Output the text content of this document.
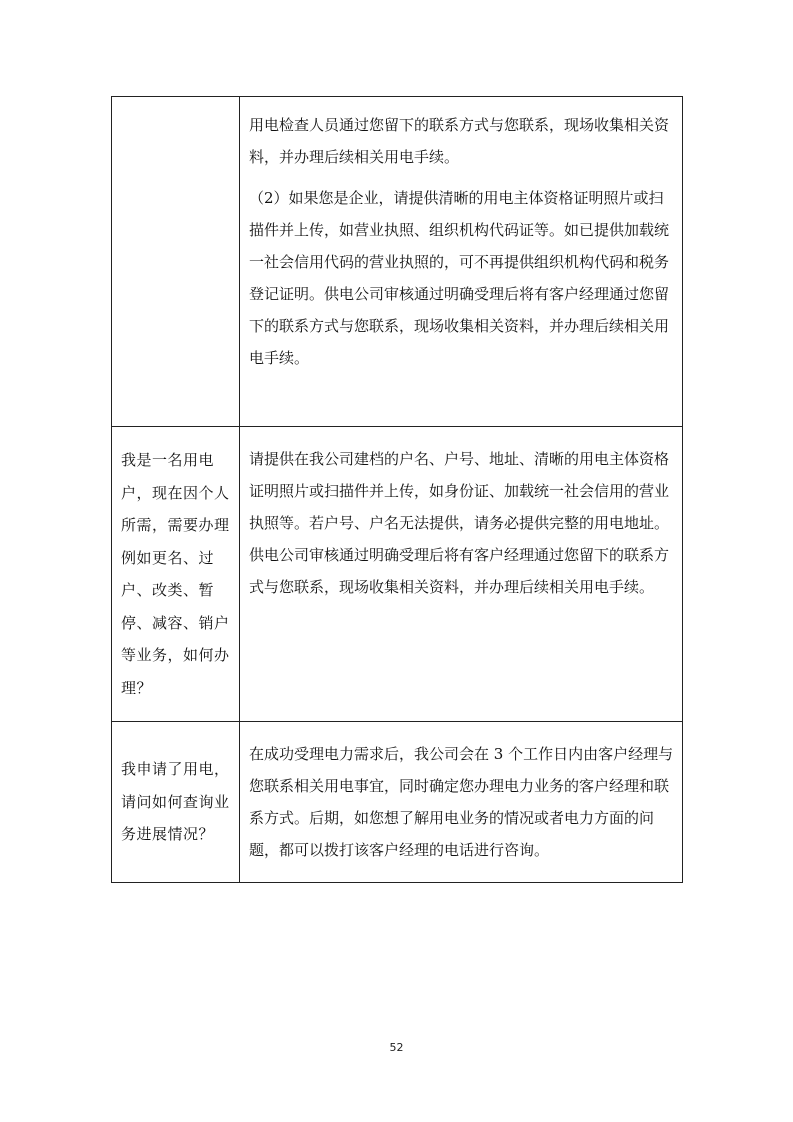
	用电检查人员通过您留下的联系方式与您联系，现场收集相关资料，并办理后续相关用电手续。

（2）如果您是企业，请提供清晰的用电主体资格证明照片或扫描件并上传，如营业执照、组织机构代码证等。如已提供加载统一社会信用代码的营业执照的，可不再提供组织机构代码和税务登记证明。供电公司审核通过明确受理后将有客户经理通过您留下的联系方式与您联系，现场收集相关资料，并办理后续相关用电手续。

我是一名用电户，现在因个人所需，需要办理例如更名、过户、改类、暂停、减容、销户等业务，如何办理？	请提供在我公司建档的户名、户号、地址、清晰的用电主体资格证明照片或扫描件并上传，如身份证、加载统一社会信用的营业执照等。若户号、户名无法提供，请务必提供完整的用电地址。供电公司审核通过明确受理后将有客户经理通过您留下的联系方式与您联系，现场收集相关资料，并办理后续相关用电手续。

我申请了用电，请问如何查询业务进展情况？	在成功受理电力需求后，我公司会在 3 个工作日内由客户经理与您联系相关用电事宜，同时确定您办理电力业务的客户经理和联系方式。后期，如您想了解用电业务的情况或者电力方面的问题，都可以拨打该客户经理的电话进行咨询。

52
